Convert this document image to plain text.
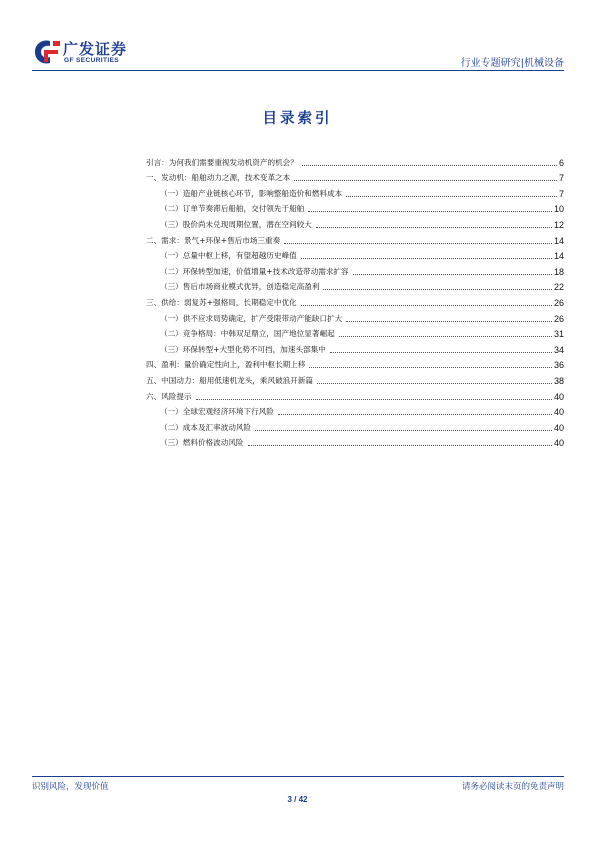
广发证券
GF SECURITIES	行业专题研究|机械设备
目录索引
引言：为何我们需要重视发动机资产的机会？	6
一、发动机：船舶动力之源，技术变革之本	7
（一）造船产业链核心环节，影响整船造价和燃料成本	7
（二）订单节奏滞后船舶，交付领先于船舶	10
（三）股价尚未兑现周期位置，潜在空间较大	12
二、需求：景气+环保+售后市场三重奏	14
（一）总量中枢上移，有望超越历史峰值	14
（二）环保转型加速，价值增量+技术改造带动需求扩容	18
（三）售后市场商业模式优异，创造稳定高盈利	22
三、供给：弱复苏+强格局，长期稳定中优化	26
（一）供不应求局势确定，扩产受限带动产能缺口扩大	26
（二）竞争格局：中韩双足鼎立，国产地位显著崛起	31
（三）环保转型+大型化势不可挡，加速头部集中	34
四、盈利：量价确定性向上，盈利中枢长期上移	36
五、中国动力：船用低速机龙头，乘风破浪开新篇	38
六、风险提示	40
（一）全球宏观经济环境下行风险	40
（二）成本及汇率波动风险	40
（三）燃料价格波动风险	40
识别风险，发现价值	请务必阅读末页的免责声明
3 / 42
